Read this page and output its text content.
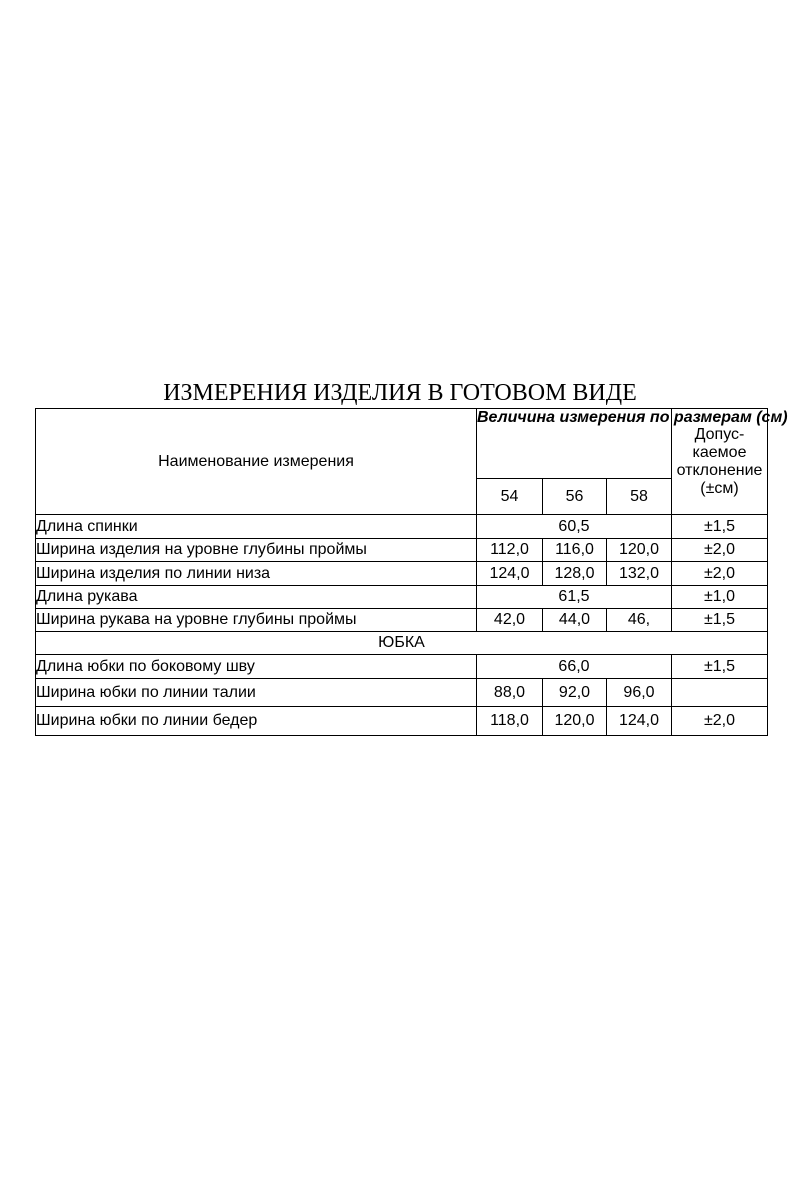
ИЗМЕРЕНИЯ ИЗДЕЛИЯ В ГОТОВОМ ВИДЕ
Наименование измерения	Величина измерения по размерам (см)			Допус-
каемое
отклонение
(±см)

	54	56	58	
Длина спинки	60,5			±1,5
Ширина изделия на уровне глубины проймы	112,0	116,0	120,0	±2,0
Ширина изделия по линии низа	124,0	128,0	132,0	±2,0
Длина рукава	61,5			±1,0
Ширина рукава на уровне глубины проймы	42,0	44,0	46,	±1,5
ЮБКА				
Длина юбки по боковому шву	66,0			±1,5
Ширина юбки по линии талии	88,0	92,0	96,0	
Ширина юбки по линии бедер	118,0	120,0	124,0	±2,0
